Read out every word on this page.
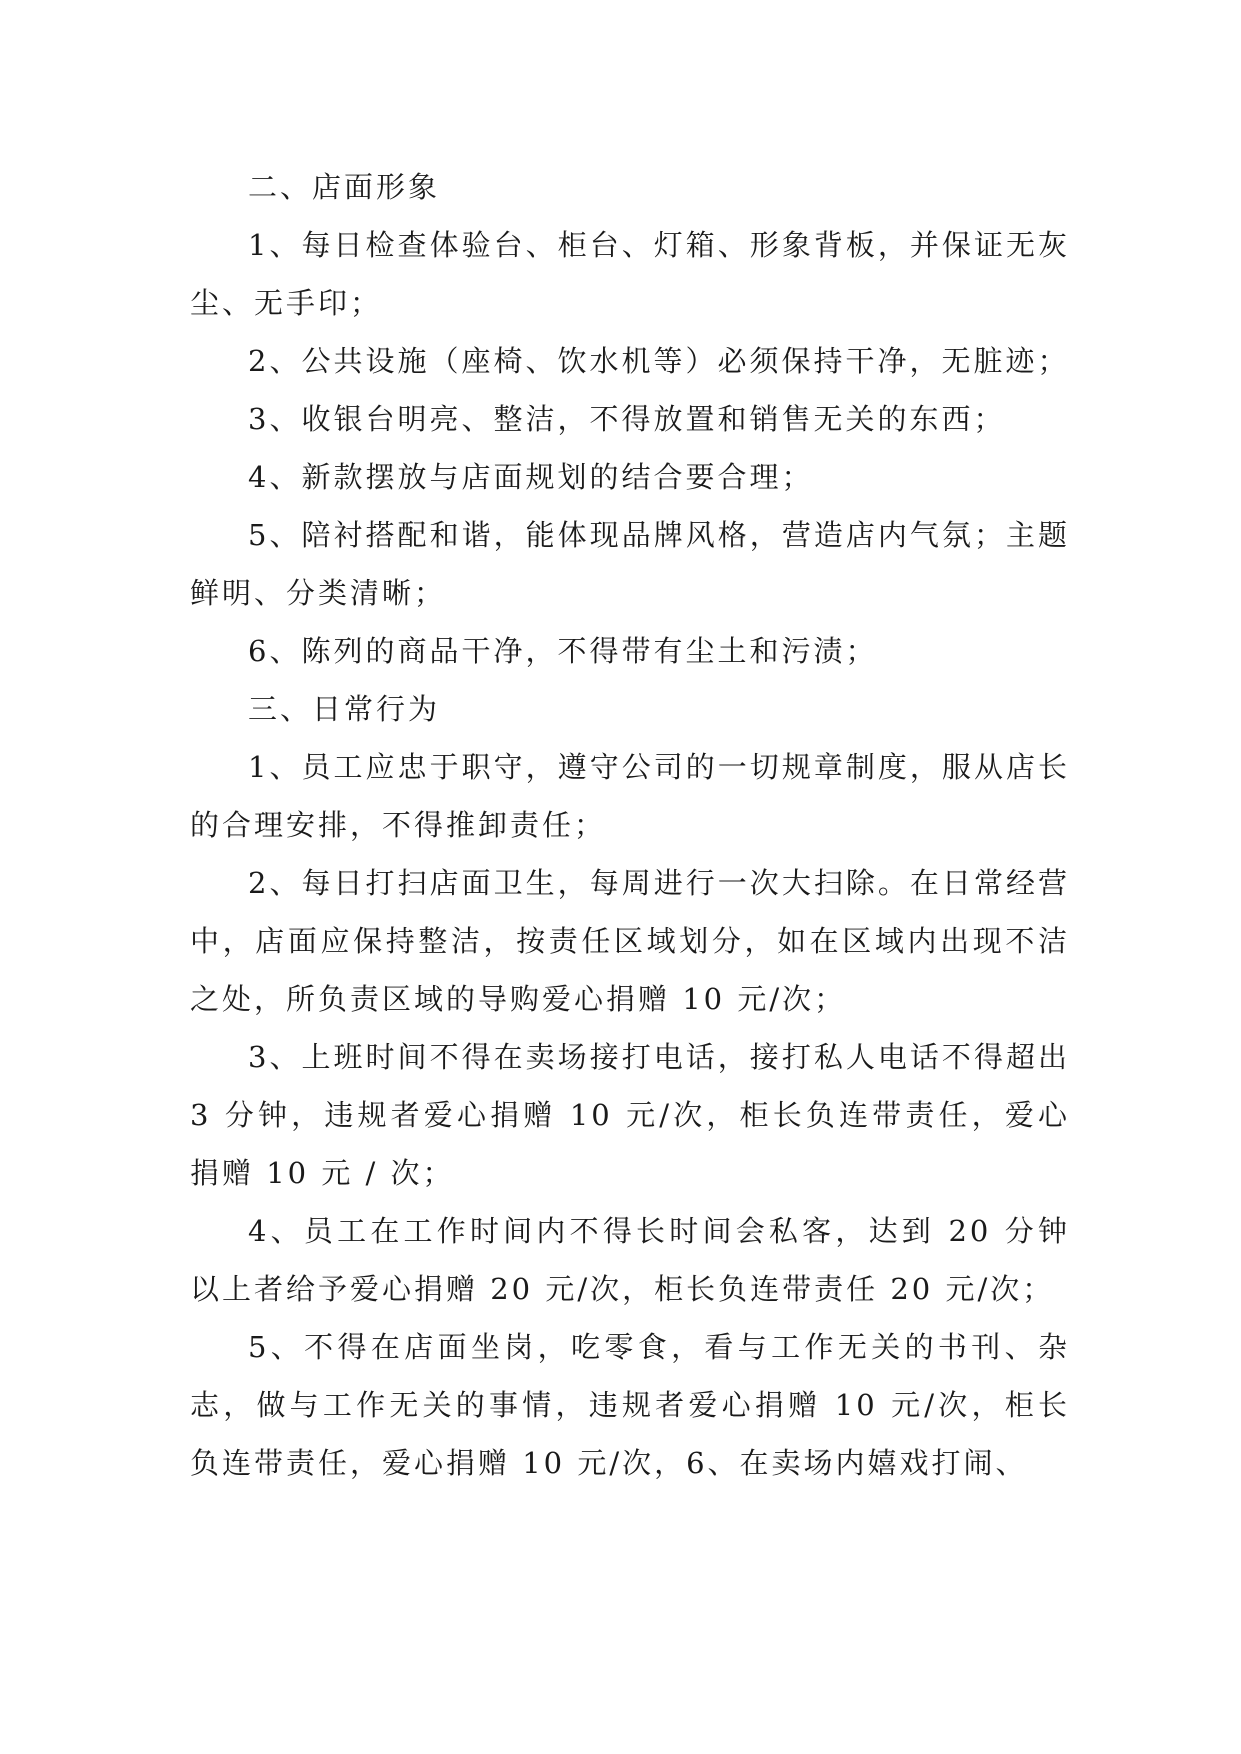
二、店面形象

1、每日检查体验台、柜台、灯箱、形象背板，并保证无灰尘、无手印；

2、公共设施（座椅、饮水机等）必须保持干净，无脏迹；

3、收银台明亮、整洁，不得放置和销售无关的东西；

4、新款摆放与店面规划的结合要合理；

5、陪衬搭配和谐，能体现品牌风格，营造店内气氛；主题鲜明、分类清晰；

6、陈列的商品干净，不得带有尘土和污渍；

三、日常行为

1、员工应忠于职守，遵守公司的一切规章制度，服从店长的合理安排，不得推卸责任；

2、每日打扫店面卫生，每周进行一次大扫除。在日常经营中，店面应保持整洁，按责任区域划分，如在区域内出现不洁之处，所负责区域的导购爱心捐赠 10 元/次；

3、上班时间不得在卖场接打电话，接打私人电话不得超出 3 分钟，违规者爱心捐赠 10 元/次，柜长负连带责任，爱心捐赠 10 元 / 次；

4、员工在工作时间内不得长时间会私客，达到 20 分钟以上者给予爱心捐赠 20 元/次，柜长负连带责任 20 元/次；

5、不得在店面坐岗，吃零食，看与工作无关的书刊、杂志，做与工作无关的事情，违规者爱心捐赠 10 元/次，柜长负连带责任，爱心捐赠 10 元/次，6、在卖场内嬉戏打闹、
